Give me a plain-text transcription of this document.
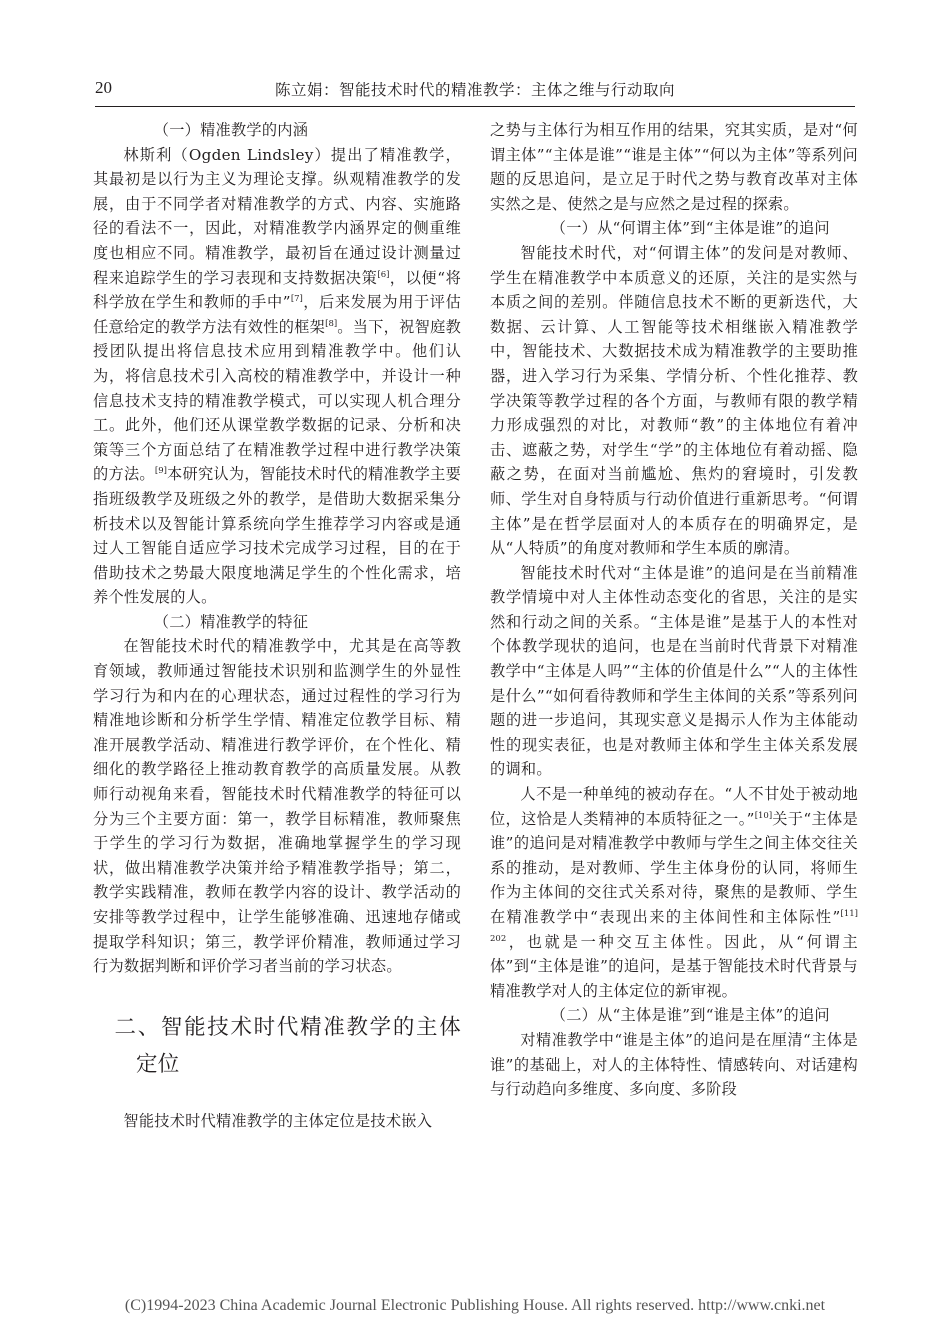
20	陈立娟：智能技术时代的精准教学：主体之维与行动取向

（一）精准教学的内涵

林斯利（Ogden Lindsley）提出了精准教学，其最初是以行为主义为理论支撑。纵观精准教学的发展，由于不同学者对精准教学的方式、内容、实施路径的看法不一，因此，对精准教学内涵界定的侧重维度也相应不同。精准教学，最初旨在通过设计测量过程来追踪学生的学习表现和支持数据决策[6]，以便“将科学放在学生和教师的手中”[7]，后来发展为用于评估任意给定的教学方法有效性的框架[8]。当下，祝智庭教授团队提出将信息技术应用到精准教学中。他们认为，将信息技术引入高校的精准教学中，并设计一种信息技术支持的精准教学模式，可以实现人机合理分工。此外，他们还从课堂教学数据的记录、分析和决策等三个方面总结了在精准教学过程中进行教学决策的方法。[9]本研究认为，智能技术时代的精准教学主要指班级教学及班级之外的教学，是借助大数据采集分析技术以及智能计算系统向学生推荐学习内容或是通过人工智能自适应学习技术完成学习过程，目的在于借助技术之势最大限度地满足学生的个性化需求，培养个性发展的人。

（二）精准教学的特征

在智能技术时代的精准教学中，尤其是在高等教育领域，教师通过智能技术识别和监测学生的外显性学习行为和内在的心理状态，通过过程性的学习行为精准地诊断和分析学生学情、精准定位教学目标、精准开展教学活动、精准进行教学评价，在个性化、精细化的教学路径上推动教育教学的高质量发展。从教师行动视角来看，智能技术时代精准教学的特征可以分为三个主要方面：第一，教学目标精准，教师聚焦于学生的学习行为数据，准确地掌握学生的学习现状，做出精准教学决策并给予精准教学指导；第二，教学实践精准，教师在教学内容的设计、教学活动的安排等教学过程中，让学生能够准确、迅速地存储或提取学科知识；第三，教学评价精准，教师通过学习行为数据判断和评价学习者当前的学习状态。

二、智能技术时代精准教学的主体定位

智能技术时代精准教学的主体定位是技术嵌入

之势与主体行为相互作用的结果，究其实质，是对“何谓主体”“主体是谁”“谁是主体”“何以为主体”等系列问题的反思追问，是立足于时代之势与教育改革对主体实然之是、使然之是与应然之是过程的探索。

（一）从“何谓主体”到“主体是谁”的追问

智能技术时代，对“何谓主体”的发问是对教师、学生在精准教学中本质意义的还原，关注的是实然与本质之间的差别。伴随信息技术不断的更新迭代，大数据、云计算、人工智能等技术相继嵌入精准教学中，智能技术、大数据技术成为精准教学的主要助推器，进入学习行为采集、学情分析、个性化推荐、教学决策等教学过程的各个方面，与教师有限的教学精力形成强烈的对比，对教师“教”的主体地位有着冲击、遮蔽之势，对学生“学”的主体地位有着动摇、隐蔽之势，在面对当前尴尬、焦灼的窘境时，引发教师、学生对自身特质与行动价值进行重新思考。“何谓主体”是在哲学层面对人的本质存在的明确界定，是从“人特质”的角度对教师和学生本质的廓清。

智能技术时代对“主体是谁”的追问是在当前精准教学情境中对人主体性动态变化的省思，关注的是实然和行动之间的关系。“主体是谁”是基于人的本性对个体教学现状的追问，也是在当前时代背景下对精准教学中“主体是人吗”“主体的价值是什么”“人的主体性是什么”“如何看待教师和学生主体间的关系”等系列问题的进一步追问，其现实意义是揭示人作为主体能动性的现实表征，也是对教师主体和学生主体关系发展的调和。

人不是一种单纯的被动存在。“人不甘处于被动地位，这恰是人类精神的本质特征之一。”[10]关于“主体是谁”的追问是对精准教学中教师与学生之间主体交往关系的推动，是对教师、学生主体身份的认同，将师生作为主体间的交往式关系对待，聚焦的是教师、学生在精准教学中“表现出来的主体间性和主体际性”$^{[11] 202}$，也就是一种交互主体性。因此，从“何谓主体”到“主体是谁”的追问，是基于智能技术时代背景与精准教学对人的主体定位的新审视。

（二）从“主体是谁”到“谁是主体”的追问

对精准教学中“谁是主体”的追问是在厘清“主体是谁”的基础上，对人的主体特性、情感转向、对话建构与行动趋向多维度、多向度、多阶段

(C)1994-2023 China Academic Journal Electronic Publishing House. All rights reserved. http://www.cnki.net
